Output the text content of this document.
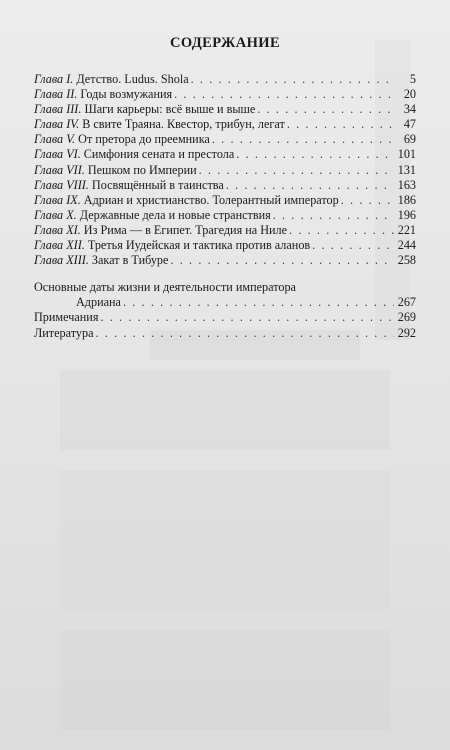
СОДЕРЖАНИЕ
Глава I. Детство. Ludus. Shola . . .	5
Глава II. Годы возмужания . . .	20
Глава III. Шаги карьеры: всё выше и выше . . .	34
Глава IV. В свите Траяна. Квестор, трибун, легат . . .	47
Глава V. От претора до преемника . . .	69
Глава VI. Симфония сената и престола . . .	101
Глава VII. Пешком по Империи . . .	131
Глава VIII. Посвящённый в таинства . . .	163
Глава IX. Адриан и христианство. Толерантный император . . .	186
Глава X. Державные дела и новые странствия . . .	196
Глава XI. Из Рима — в Египет. Трагедия на Ниле . . .	221
Глава XII. Третья Иудейская и тактика против аланов . . .	244
Глава XIII. Закат в Тибуре . . .	258
Основные даты жизни и деятельности императора
Адриана . . .	267
Примечания . . .	269
Литература . . .	292
